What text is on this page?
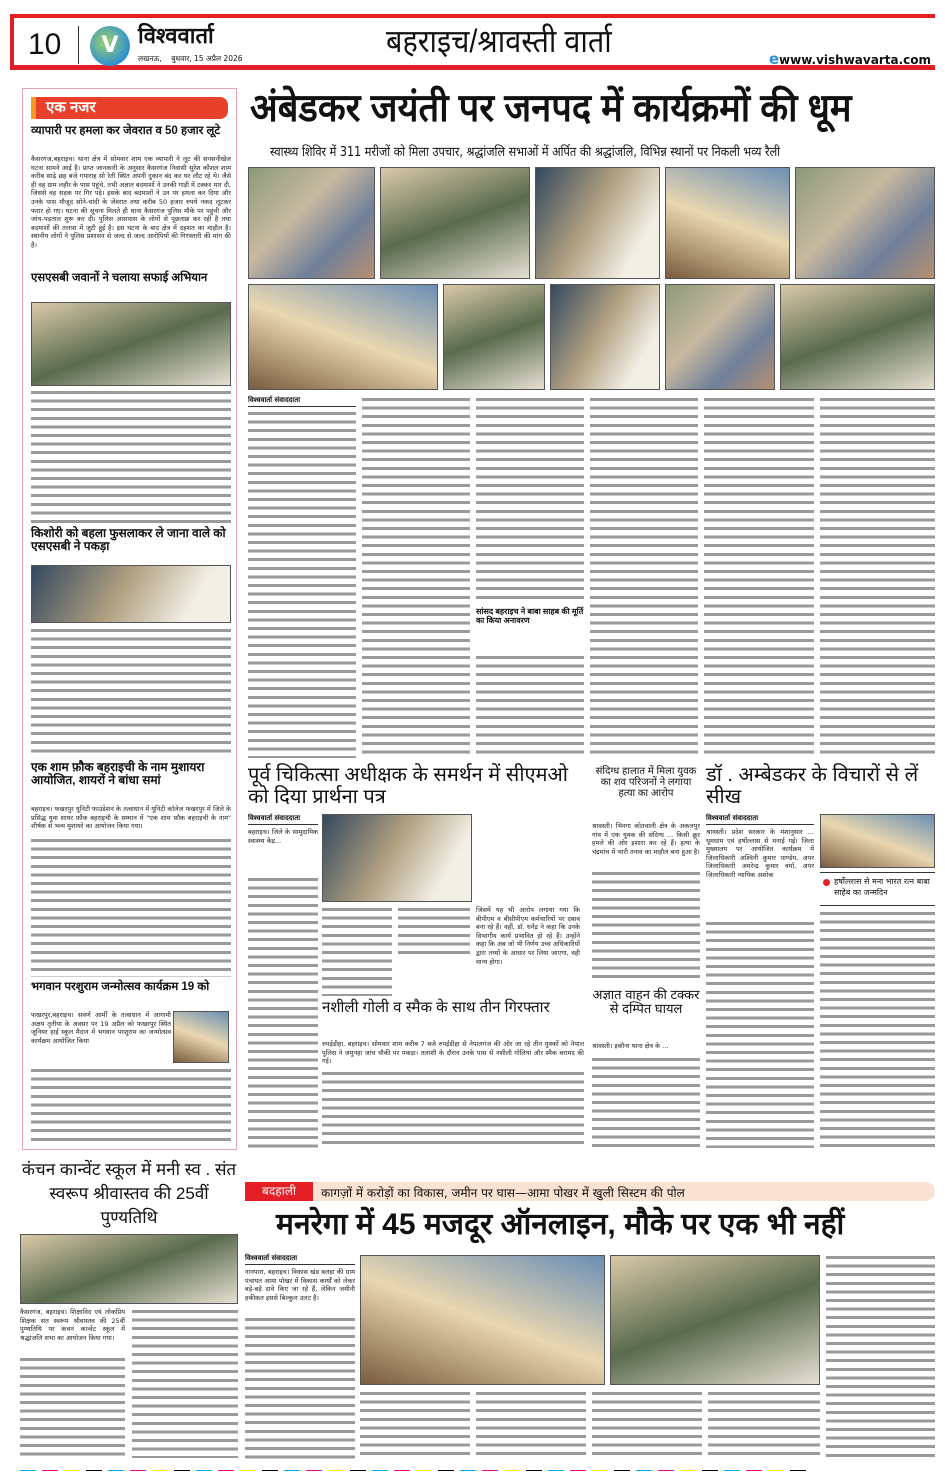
10	V विश्ववार्ता
लखनऊ,    बुधवार, 15 अप्रैल 2026	बहराइच/श्रावस्ती वार्ता	ewww.vishwavarta.com
एक नजर
व्यापारी पर हमला कर जेवरात व 50 हजार लूटे
कैसरगंज,बहराइच। थाना क्षेत्र में सोमवार शाम एक व्यापारी ने लूट की सनसनीखेज घटना सामने आई है। प्राप्त जानकारी के अनुसार कैसरगंज निवासी सुरेश कौशल शाम करीब साढ़े छह बजे गयाराह सो रेती स्थित अपनी दुकान बंद कर घर लौट रहे थे। जैसे ही वह ग्राम लहौर के पास पहुंचे, तभी अज्ञात बदमाशों ने उनकी गाड़ी में टक्कर मार दी, जिससे वह सड़क पर गिर पड़े। इसके बाद बदमाशों ने उन पर हमला कर दिया और उनके पास मौजूद सोने-चांदी के जेवरात तथा करीब 50 हजार रुपये नकद लूटकर फरार हो गए। घटना की सूचना मिलते ही थाना कैसरगंज पुलिस मौके पर पहुंची और जांच-पड़ताल शुरू कर दी। पुलिस आसपास के लोगों से पूछताछ कर रही है तथा बदमाशों की तलाश में जुटी हुई है। इस घटना के बाद क्षेत्र में दहशत का माहौल है। स्थानीय लोगों ने पुलिस प्रशासन से जल्द से जल्द आरोपियों की गिरफ्तारी की मांग की है।
एसएसबी जवानों ने चलाया सफाई अभियान
किशोरी को बहला फुसलाकर ले जाना वाले को एसएसबी ने पकड़ा
एक शाम फ़ौक बहराइची के नाम मुशायरा आयोजित, शायरों ने बांधा समां
बहराइच। फखरपुर यूनिटी फाउंडेशन के तत्वाधान में यूनिटी कॉलेज फखरपुर में जिले के प्रसिद्ध युवा शायर फ़ौक बहराइची के सम्मान में "एक शाम फ़ौक बहराइची के नाम" शीर्षक से भव्य मुशायरे का आयोजन किया गया।
भगवान परशुराम जन्मोत्सव कार्यक्रम 19 को
फखरपुर,बहराइच। सवर्ण आर्मी के तत्वाधान में आगामी अक्षय तृतीया के अवसर पर 19 अप्रैल को फखरपुर स्थित जूनियर हाई स्कूल मैदान में भगवान परशुराम का जन्मोत्सव कार्यक्रम आयोजित किया
अंबेडकर जयंती पर जनपद में कार्यक्रमों की धूम
स्वास्थ्य शिविर में 311 मरीजों को मिला उपचार, श्रद्धांजलि सभाओं में अर्पित की श्रद्धांजलि, विभिन्न स्थानों पर निकली भव्य रैली
विश्ववार्ता संवाददाता
सांसद बहराइच ने बाबा साहब की मूर्ति का किया अनावरण
पूर्व चिकित्सा अधीक्षक के समर्थन में सीएमओ को दिया प्रार्थना पत्र
विश्ववार्ता संवाददाता
बहराइच। जिले के सामुदायिक स्वास्थ्य केंद्र...
जिसमें यह भी आरोप लगाया गया कि बीपीएम व बीसीपीएम कर्मचारियों पर दबाव बना रहे हैं। वहीं, डॉ. धनेंद्र ने कहा कि उनके विभागीय कार्य प्रभावित हो रहे हैं। उन्होंने कहा कि अब जो भी निर्णय उच्च अधिकारियों द्वारा तथ्यों के आधार पर लिया जाएगा, वही मान्य होगा।
नशीली गोली व स्मैक के साथ तीन गिरफ्तार
रुपईडीहा, बहराइच। सोमवार शाम करीब 7 बजे रुपईडीहा से नेपालगंज की ओर जा रहे तीन युवकों को नेपाल पुलिस ने जमुनहा जांच चौकी पर पकड़ा। तलाशी के दौरान उनके पास से नशीली गोलियां और स्मैक बरामद की गई।
संदिग्ध हालात में मिला युवक का शव परिजनों ने लगाया हत्या का आरोप
श्रावस्ती। भिनगा कोतवाली क्षेत्र के अकलपुर गांव में एक युवक की संदिग्ध ... किसी क्रूर हमले की ओर इशारा कर रहे हैं। हत्या के चंद्रमांच में भारी तनाव का माहौल बना हुआ है।
अज्ञात वाहन की टक्कर से दम्पित घायल
श्रावस्ती। इकौना थाना क्षेत्र के ...
डॉ . अम्बेडकर के विचारों से लें सीख
विश्ववार्ता संवाददाता
श्रावस्ती। प्रदेश सरकार के मंशानुसार ... धूमधाम एवं हर्षोल्लास से मनाई गई। जिला मुख्यालय पर आयोजित कार्यक्रम में जिलाधिकारी अश्विनी कुमार पाण्डेय, अपर जिलाधिकारी अमरेन्द्र कुमार वर्मा, अपर जिलाधिकारी न्यायिक अशोक
हर्षोल्लास से मना भारत रत्न बाबा साहेब का जन्मदिन
कंचन कान्वेंट स्कूल में मनी स्व . संत स्वरूप श्रीवास्तव की 25वीं पुण्यतिथि
कैसरगंज, बहराइच। शिक्षाविद एवं लोकप्रिय शिक्षक संत स्वरूप श्रीवास्तव की 25वीं पुण्यतिथि पर कंचन कान्वेंट स्कूल में श्रद्धांजलि सभा का आयोजन किया गया।
बदहाली	कागज़ों में करोड़ों का विकास, जमीन पर घास—आमा पोखर में खुली सिस्टम की पोल
मनरेगा में 45 मजदूर ऑनलाइन, मौके पर एक भी नहीं
विश्ववार्ता संवाददाता
नानपारा, बहराइच। विकास खंड बलहा की ग्राम पंचायत आमा पोखर में विकास कार्यों को लेकर बड़े-बड़े दावे किए जा रहे हैं, लेकिन जमीनी हकीकत इससे बिल्कुल उलट है।
